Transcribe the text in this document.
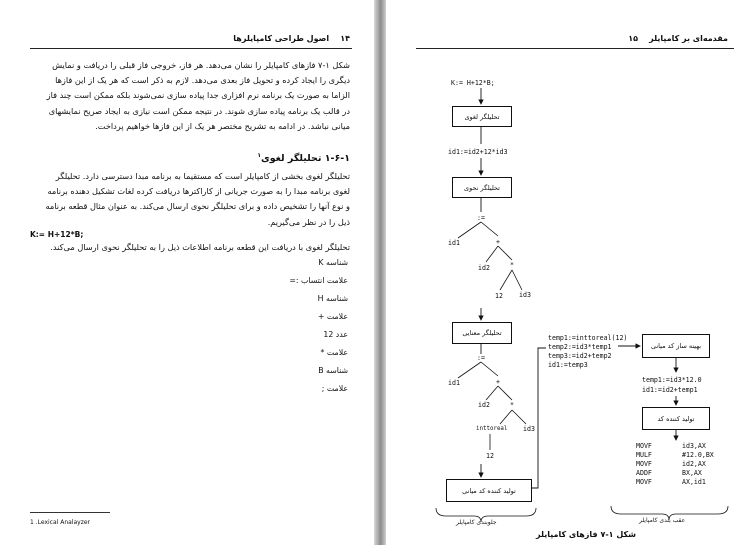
۱۴    اصول طراحی کامپایلرها
شکل ۱-۷ فازهای کامپایلر را نشان می‌دهد. هر فاز، خروجی فاز قبلی را دریافت و نمایش
دیگری را ایجاد کرده و تحویل فاز بعدی می‌دهد. لازم به ذکر است که هر یک از این فازها
الزاما به صورت یک برنامه نرم افزاری جدا پیاده سازی نمی‌شوند بلکه ممکن است چند فاز
در قالب یک برنامه پیاده سازی شوند. در نتیجه ممکن است نیازی به ایجاد صریح نمایشهای
میانی نباشد. در ادامه به تشریح مختصر هر یک از این فازها خواهیم پرداخت.
۱-۶-۱ تحلیلگر لغوی$^۱$
تحلیلگر لغوی بخشی از کامپایلر است که مستقیما به برنامه مبدا دسترسی دارد. تحلیلگر
لغوی برنامه مبدا را به صورت جریانی از کاراکترها دریافت کرده لغات تشکیل دهنده برنامه
و نوع آنها را تشخیص داده و برای تحلیلگر نحوی ارسال می‌کند. به عنوان مثال قطعه برنامه
ذیل را در نظر می‌گیریم.
K:= H+12*B;
تحلیلگر لغوی با دریافت این قطعه برنامه اطلاعات ذیل را به تحلیلگر نحوی ارسال می‌کند.
شناسه K
علامت انتساب :=
شناسه H
علامت +
عدد 12
علامت *
شناسه B
علامت ;
1 .Lexical Analayzer
مقدمه‌ای بر کامپایلر    ۱۵
K:= H+12*B;
تحلیلگر لغوی
id1:=id2+12*id3
تحلیلگر نحوی
:=
id1	+
id2	*
12 id3
تحلیلگر معنایی
:=
id1	+
id2	*
inttoreal id3
12
تولید کننده کد میانی
temp1:=inttoreal(12)
temp2:=id3*temp1
temp3:=id2+temp2
id1:=temp3
بهینه ساز کد میانی
temp1:=id3*12.0
id1:=id2+temp1
تولید کننده کد
MOVF	id3,AX
MULF	#12.0,BX
MOVF	id2,AX
ADDF	BX,AX
MOVF	AX,id1
جلوبندی کامپایلر	عقب بندی کامپایلر
شکل ۱-۷ فازهای کامپایلر
